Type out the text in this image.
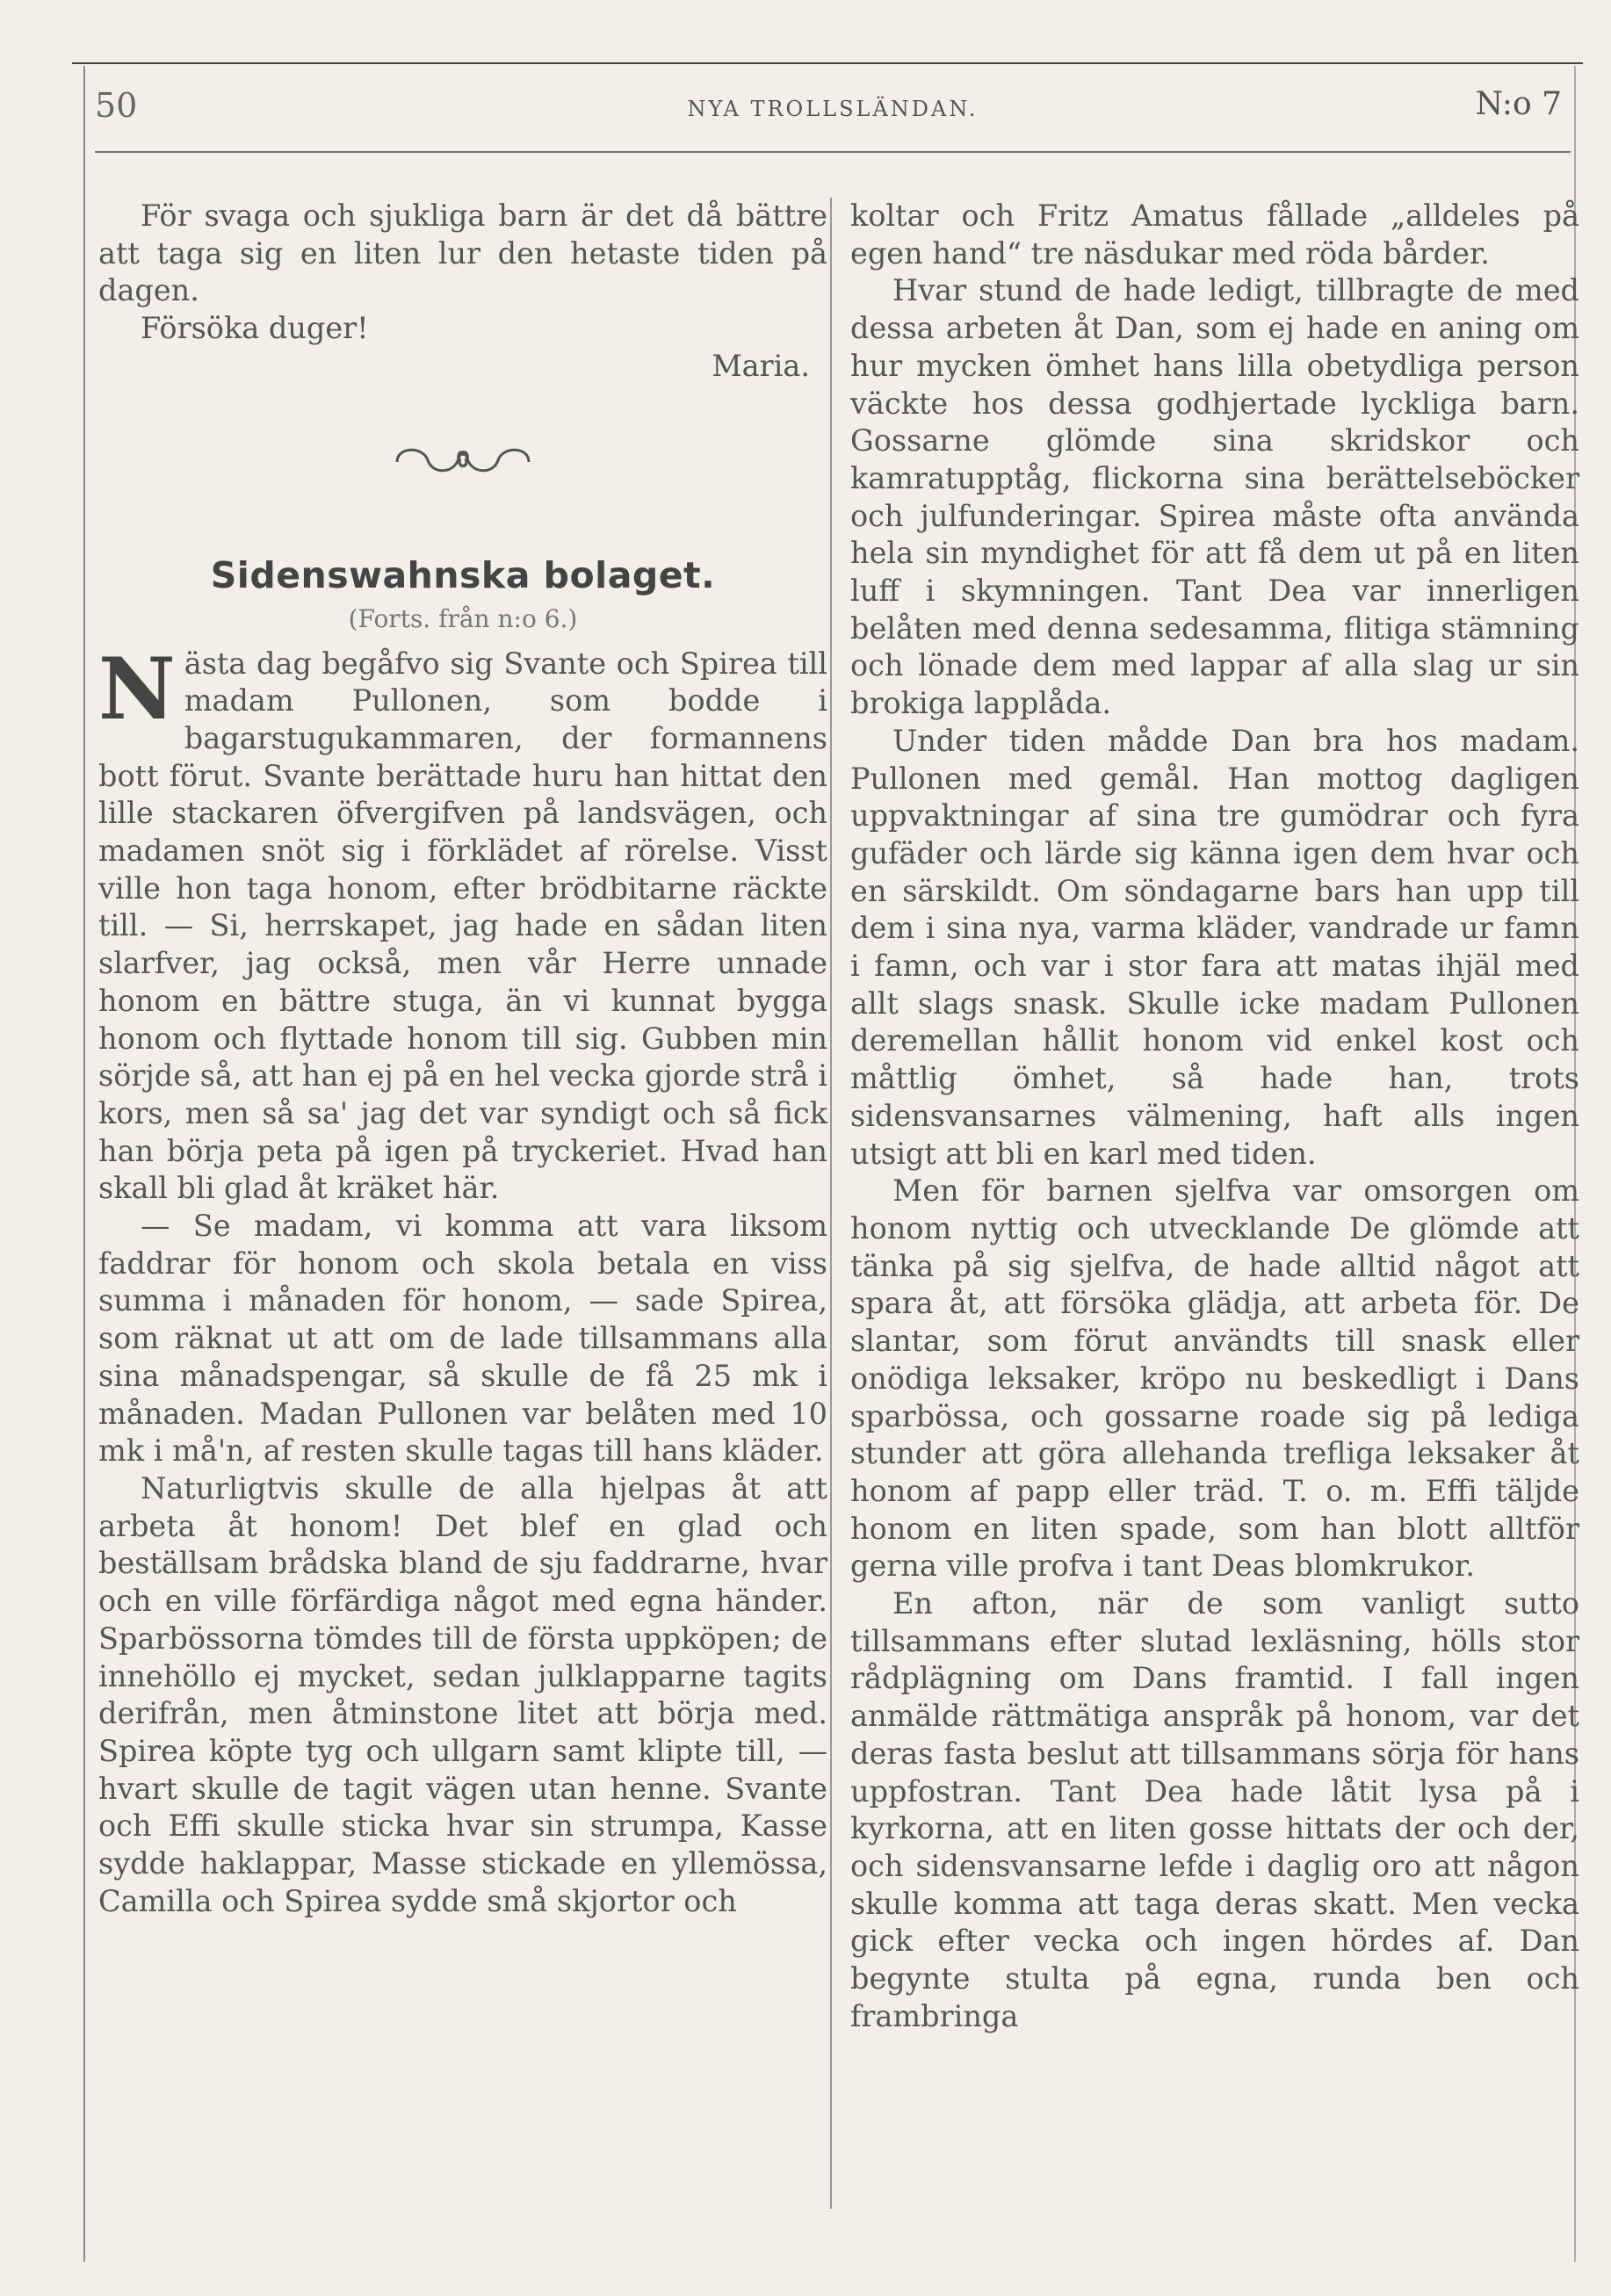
50	NYA TROLLSLÄNDAN.	N:o 7

För svaga och sjukliga barn är det då bättre att taga sig en liten lur den hetaste tiden på dagen.

Försöka duger!

Maria.

Sidenswahnska bolaget.
(Forts. från n:o 6.)

Nästa dag begåfvo sig Svante och Spirea till madam Pullonen, som bodde i bagarstugukammaren, der formannens bott förut. Svante berättade huru han hittat den lille stackaren öfvergifven på landsvägen, och madamen snöt sig i förklädet af rörelse. Visst ville hon taga honom, efter brödbitarne räckte till. — Si, herrskapet, jag hade en sådan liten slarfver, jag också, men vår Herre unnade honom en bättre stuga, än vi kunnat bygga honom och flyttade honom till sig. Gubben min sörjde så, att han ej på en hel vecka gjorde strå i kors, men så sa' jag det var syndigt och så fick han börja peta på igen på tryckeriet. Hvad han skall bli glad åt kräket här.

— Se madam, vi komma att vara liksom faddrar för honom och skola betala en viss summa i månaden för honom, — sade Spirea, som räknat ut att om de lade tillsammans alla sina månadspengar, så skulle de få 25 mk i månaden. Madan Pullonen var belåten med 10 mk i må'n, af resten skulle tagas till hans kläder.

Naturligtvis skulle de alla hjelpas åt att arbeta åt honom! Det blef en glad och beställsam brådska bland de sju faddrarne, hvar och en ville förfärdiga något med egna händer. Sparbössorna tömdes till de första uppköpen; de innehöllo ej mycket, sedan julklapparne tagits derifrån, men åtminstone litet att börja med. Spirea köpte tyg och ullgarn samt klipte till, — hvart skulle de tagit vägen utan henne. Svante och Effi skulle sticka hvar sin strumpa, Kasse sydde haklappar, Masse stickade en yllemössa, Camilla och Spirea sydde små skjortor och

koltar och Fritz Amatus fållade „alldeles på egen hand“ tre näsdukar med röda bårder.

Hvar stund de hade ledigt, tillbragte de med dessa arbeten åt Dan, som ej hade en aning om hur mycken ömhet hans lilla obetydliga person väckte hos dessa godhjertade lyckliga barn. Gossarne glömde sina skridskor och kamratupptåg, flickorna sina berättelseböcker och julfunderingar. Spirea måste ofta använda hela sin myndighet för att få dem ut på en liten luff i skymningen. Tant Dea var innerligen belåten med denna sedesamma, flitiga stämning och lönade dem med lappar af alla slag ur sin brokiga lapplåda.

Under tiden mådde Dan bra hos madam. Pullonen med gemål. Han mottog dagligen uppvaktningar af sina tre gumödrar och fyra gufäder och lärde sig känna igen dem hvar och en särskildt. Om söndagarne bars han upp till dem i sina nya, varma kläder, vandrade ur famn i famn, och var i stor fara att matas ihjäl med allt slags snask. Skulle icke madam Pullonen deremellan hållit honom vid enkel kost och måttlig ömhet, så hade han, trots sidensvansarnes välmening, haft alls ingen utsigt att bli en karl med tiden.

Men för barnen sjelfva var omsorgen om honom nyttig och utvecklande De glömde att tänka på sig sjelfva, de hade alltid något att spara åt, att försöka glädja, att arbeta för. De slantar, som förut användts till snask eller onödiga leksaker, kröpo nu beskedligt i Dans sparbössa, och gossarne roade sig på lediga stunder att göra allehanda trefliga leksaker åt honom af papp eller träd. T. o. m. Effi täljde honom en liten spade, som han blott alltför gerna ville profva i tant Deas blomkrukor.

En afton, när de som vanligt sutto tillsammans efter slutad lexläsning, hölls stor rådplägning om Dans framtid. I fall ingen anmälde rättmätiga anspråk på honom, var det deras fasta beslut att tillsammans sörja för hans uppfostran. Tant Dea hade låtit lysa på i kyrkorna, att en liten gosse hittats der och der, och sidensvansarne lefde i daglig oro att någon skulle komma att taga deras skatt. Men vecka gick efter vecka och ingen hördes af. Dan begynte stulta på egna, runda ben och frambringa
